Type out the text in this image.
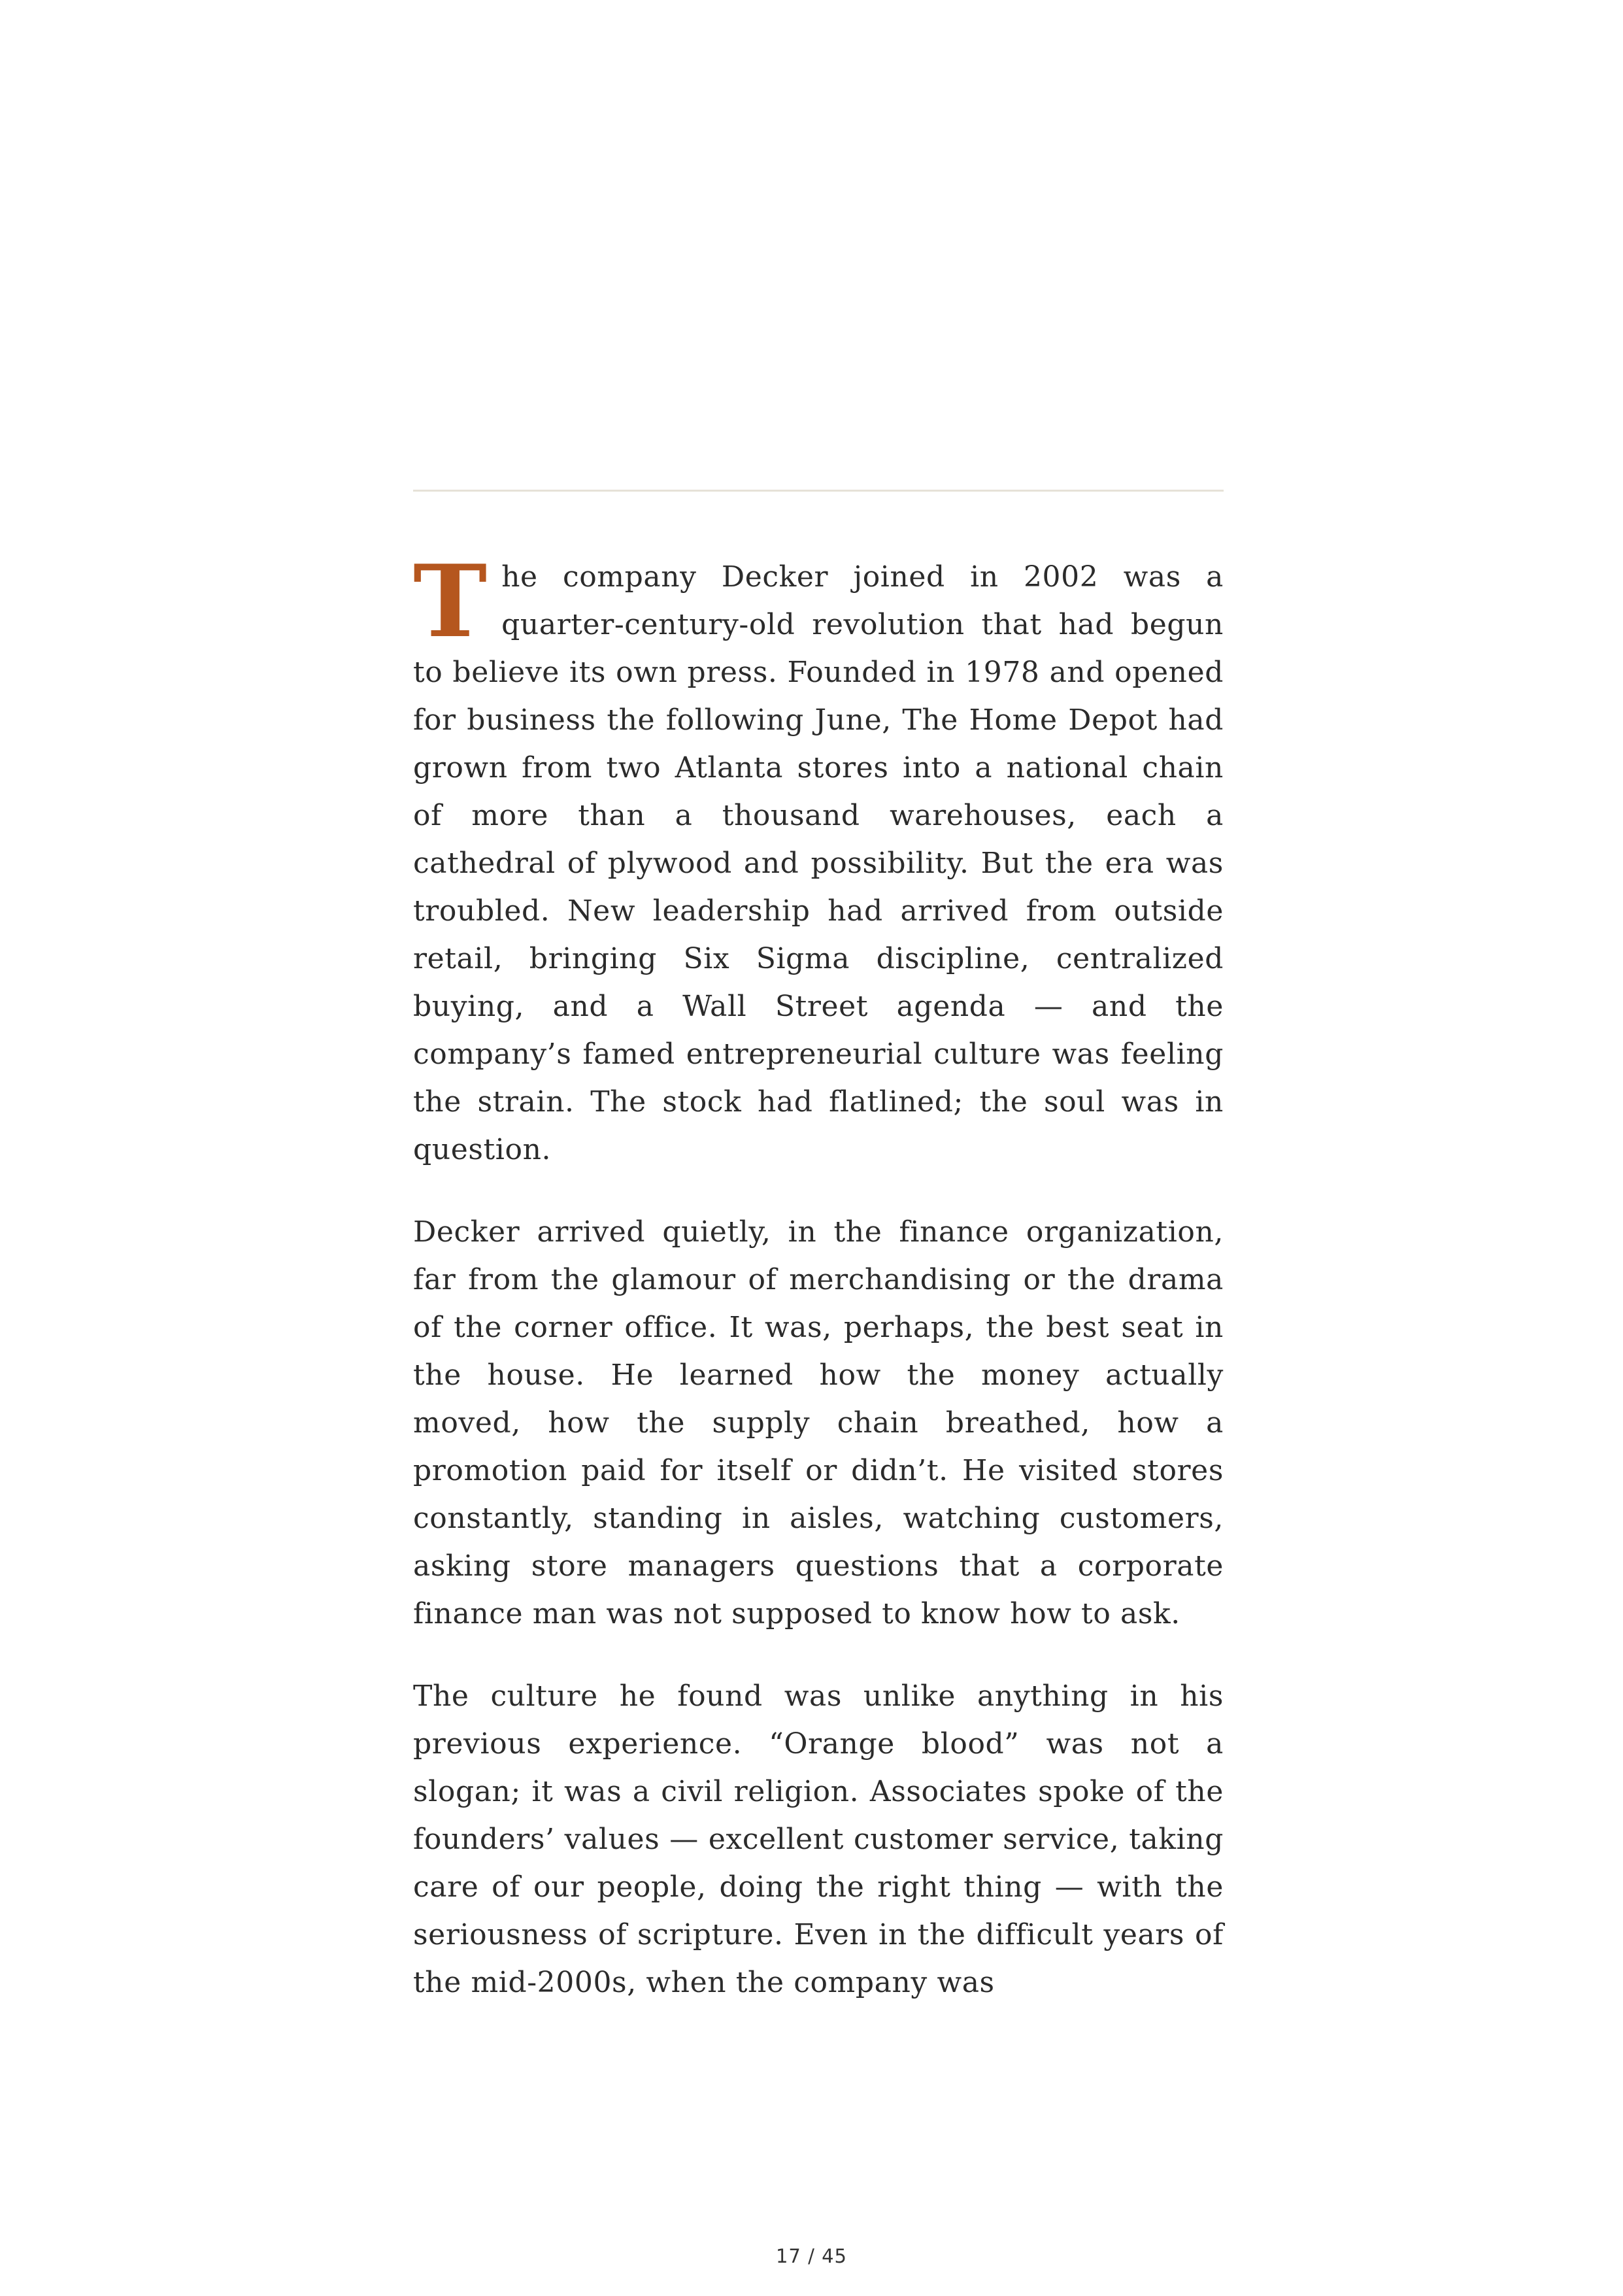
The company Decker joined in 2002 was a quarter-century-old revolution that had begun to believe its own press. Founded in 1978 and opened for business the following June, The Home Depot had grown from two Atlanta stores into a national chain of more than a thousand warehouses, each a cathedral of plywood and possibility. But the era was troubled. New leadership had arrived from outside retail, bringing Six Sigma discipline, centralized buying, and a Wall Street agenda — and the company’s famed entrepreneurial culture was feeling the strain. The stock had flatlined; the soul was in question.

Decker arrived quietly, in the finance organization, far from the glamour of merchandising or the drama of the corner office. It was, perhaps, the best seat in the house. He learned how the money actually moved, how the supply chain breathed, how a promotion paid for itself or didn’t. He visited stores constantly, standing in aisles, watching customers, asking store managers questions that a corporate finance man was not supposed to know how to ask.

The culture he found was unlike anything in his previous experience. “Orange blood” was not a slogan; it was a civil religion. Associates spoke of the founders’ values — excellent customer service, taking care of our people, doing the right thing — with the seriousness of scripture. Even in the difficult years of the mid-2000s, when the company was

17 / 45
